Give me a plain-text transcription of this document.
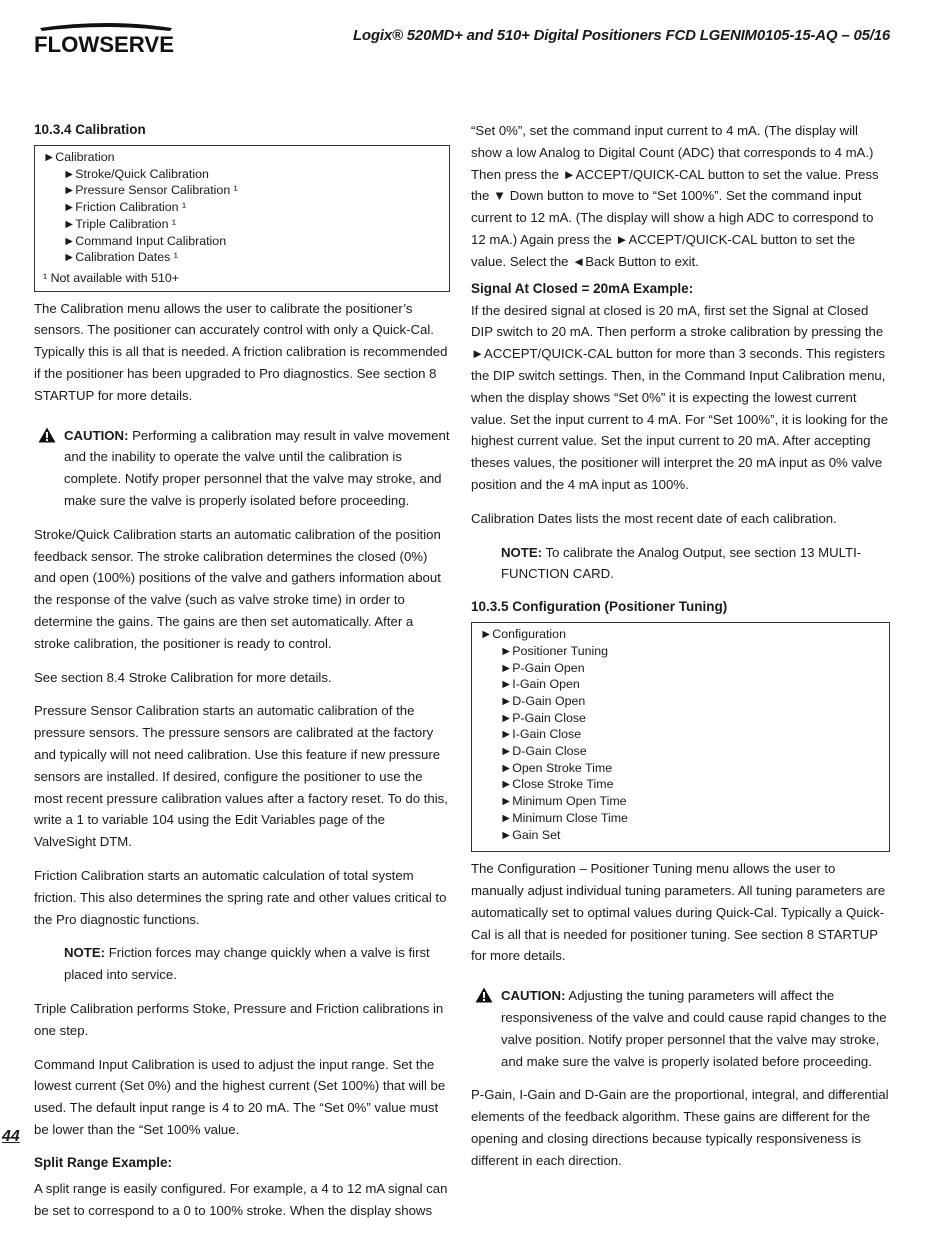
FLOWSERVE	Logix® 520MD+ and 510+ Digital Positioners FCD LGENIM0105-15-AQ – 05/16
10.3.4 Calibration
►Calibration
►Stroke/Quick Calibration
►Pressure Sensor Calibration ¹
►Friction Calibration ¹
►Triple Calibration ¹
►Command Input Calibration
►Calibration Dates ¹
¹ Not available with 510+

The Calibration menu allows the user to calibrate the positioner’s sensors. The positioner can accurately control with only a Quick-Cal. Typically this is all that is needed. A friction calibration is recommended if the positioner has been upgraded to Pro diagnostics. See section 8 STARTUP for more details.

CAUTION: Performing a calibration may result in valve movement and the inability to operate the valve until the calibration is complete. Notify proper personnel that the valve may stroke, and make sure the valve is properly isolated before proceeding.

Stroke/Quick Calibration starts an automatic calibration of the position feedback sensor. The stroke calibration determines the closed (0%) and open (100%) positions of the valve and gathers information about the response of the valve (such as valve stroke time) in order to determine the gains. The gains are then set automatically. After a stroke calibration, the positioner is ready to control.

See section 8.4 Stroke Calibration for more details.

Pressure Sensor Calibration starts an automatic calibration of the pressure sensors. The pressure sensors are calibrated at the factory and typically will not need calibration. Use this feature if new pressure sensors are installed. If desired, configure the positioner to use the most recent pressure calibration values after a factory reset. To do this, write a 1 to variable 104 using the Edit Variables page of the ValveSight DTM.

Friction Calibration starts an automatic calculation of total system friction. This also determines the spring rate and other values critical to the Pro diagnostic functions.

NOTE: Friction forces may change quickly when a valve is first placed into service.

Triple Calibration performs Stoke, Pressure and Friction calibrations in one step.

Command Input Calibration is used to adjust the input range. Set the lowest current (Set 0%) and the highest current (Set 100%) that will be used. The default input range is 4 to 20 mA. The “Set 0%” value must be lower than the “Set 100% value.

Split Range Example:

A split range is easily configured. For example, a 4 to 12 mA signal can be set to correspond to a 0 to 100% stroke. When the display shows

“Set 0%”, set the command input current to 4 mA. (The display will show a low Analog to Digital Count (ADC) that corresponds to 4 mA.) Then press the ►ACCEPT/QUICK-CAL button to set the value. Press the ▼ Down button to move to “Set 100%”. Set the command input current to 12 mA. (The display will show a high ADC to correspond to 12 mA.) Again press the ►ACCEPT/QUICK-CAL button to set the value. Select the ◄Back Button to exit.

Signal At Closed = 20mA Example:

If the desired signal at closed is 20 mA, first set the Signal at Closed DIP switch to 20 mA. Then perform a stroke calibration by pressing the ►ACCEPT/QUICK-CAL button for more than 3 seconds. This registers the DIP switch settings. Then, in the Command Input Calibration menu, when the display shows “Set 0%” it is expecting the lowest current value. Set the input current to 4 mA. For “Set 100%”, it is looking for the highest current value. Set the input current to 20 mA. After accepting theses values, the positioner will interpret the 20 mA input as 0% valve position and the 4 mA input as 100%.

Calibration Dates lists the most recent date of each calibration.

NOTE: To calibrate the Analog Output, see section 13 MULTI-FUNCTION CARD.
10.3.5 Configuration (Positioner Tuning)
►Configuration
►Positioner Tuning
►P-Gain Open
►I-Gain Open
►D-Gain Open
►P-Gain Close
►I-Gain Close
►D-Gain Close
►Open Stroke Time
►Close Stroke Time
►Minimum Open Time
►Minimum Close Time
►Gain Set

The Configuration – Positioner Tuning menu allows the user to manually adjust individual tuning parameters. All tuning parameters are automatically set to optimal values during Quick-Cal. Typically a Quick-Cal is all that is needed for positioner tuning. See section 8 STARTUP for more details.

CAUTION: Adjusting the tuning parameters will affect the responsiveness of the valve and could cause rapid changes to the valve position. Notify proper personnel that the valve may stroke, and make sure the valve is properly isolated before proceeding.

P-Gain, I-Gain and D-Gain are the proportional, integral, and differential elements of the feedback algorithm. These gains are different for the opening and closing directions because typically responsiveness is different in each direction.

44
